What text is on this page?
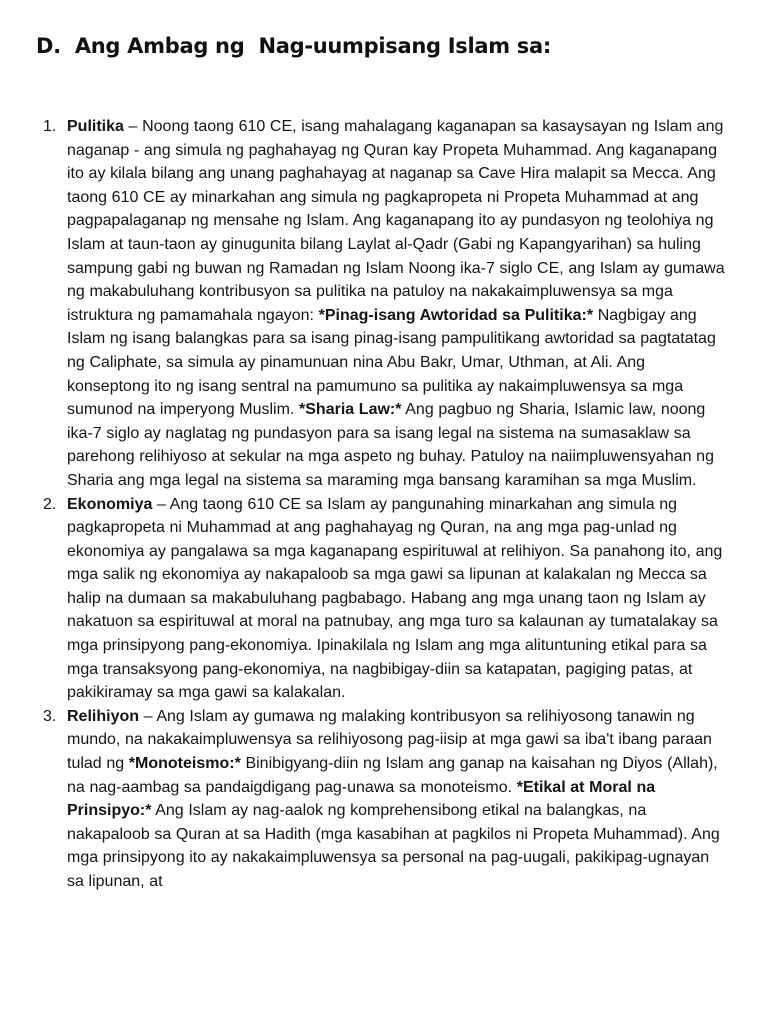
D.  Ang Ambag ng  Nag-uumpisang Islam sa:
1. Pulitika – Noong taong 610 CE, isang mahalagang kaganapan sa kasaysayan ng Islam ang naganap - ang simula ng paghahayag ng Quran kay Propeta Muhammad. Ang kaganapang ito ay kilala bilang ang unang paghahayag at naganap sa Cave Hira malapit sa Mecca. Ang taong 610 CE ay minarkahan ang simula ng pagkapropeta ni Propeta Muhammad at ang pagpapalaganap ng mensahe ng Islam. Ang kaganapang ito ay pundasyon ng teolohiya ng Islam at taun-taon ay ginugunita bilang Laylat al-Qadr (Gabi ng Kapangyarihan) sa huling sampung gabi ng buwan ng Ramadan ng Islam Noong ika-7 siglo CE, ang Islam ay gumawa ng makabuluhang kontribusyon sa pulitika na patuloy na nakakaimpluwensya sa mga istruktura ng pamamahala ngayon: *Pinag-isang Awtoridad sa Pulitika:* Nagbigay ang Islam ng isang balangkas para sa isang pinag-isang pampulitikang awtoridad sa pagtatatag ng Caliphate, sa simula ay pinamunuan nina Abu Bakr, Umar, Uthman, at Ali. Ang konseptong ito ng isang sentral na pamumuno sa pulitika ay nakaimpluwensya sa mga sumunod na imperyong Muslim. *Sharia Law:* Ang pagbuo ng Sharia, Islamic law, noong ika-7 siglo ay naglatag ng pundasyon para sa isang legal na sistema na sumasaklaw sa parehong relihiyoso at sekular na mga aspeto ng buhay. Patuloy na naiimpluwensyahan ng Sharia ang mga legal na sistema sa maraming mga bansang karamihan sa mga Muslim.
2. Ekonomiya – Ang taong 610 CE sa Islam ay pangunahing minarkahan ang simula ng pagkapropeta ni Muhammad at ang paghahayag ng Quran, na ang mga pag-unlad ng ekonomiya ay pangalawa sa mga kaganapang espirituwal at relihiyon. Sa panahong ito, ang mga salik ng ekonomiya ay nakapaloob sa mga gawi sa lipunan at kalakalan ng Mecca sa halip na dumaan sa makabuluhang pagbabago. Habang ang mga unang taon ng Islam ay nakatuon sa espirituwal at moral na patnubay, ang mga turo sa kalaunan ay tumatalakay sa mga prinsipyong pang-ekonomiya. Ipinakilala ng Islam ang mga alituntuning etikal para sa mga transaksyong pang-ekonomiya, na nagbibigay-diin sa katapatan, pagiging patas, at pakikiramay sa mga gawi sa kalakalan.
3. Relihiyon – Ang Islam ay gumawa ng malaking kontribusyon sa relihiyosong tanawin ng mundo, na nakakaimpluwensya sa relihiyosong pag-iisip at mga gawi sa iba't ibang paraan tulad ng *Monoteismo:* Binibigyang-diin ng Islam ang ganap na kaisahan ng Diyos (Allah), na nag-aambag sa pandaigdigang pag-unawa sa monoteismo. *Etikal at Moral na Prinsipyo:* Ang Islam ay nag-aalok ng komprehensibong etikal na balangkas, na nakapaloob sa Quran at sa Hadith (mga kasabihan at pagkilos ni Propeta Muhammad). Ang mga prinsipyong ito ay nakakaimpluwensya sa personal na pag-uugali, pakikipag-ugnayan sa lipunan, at
